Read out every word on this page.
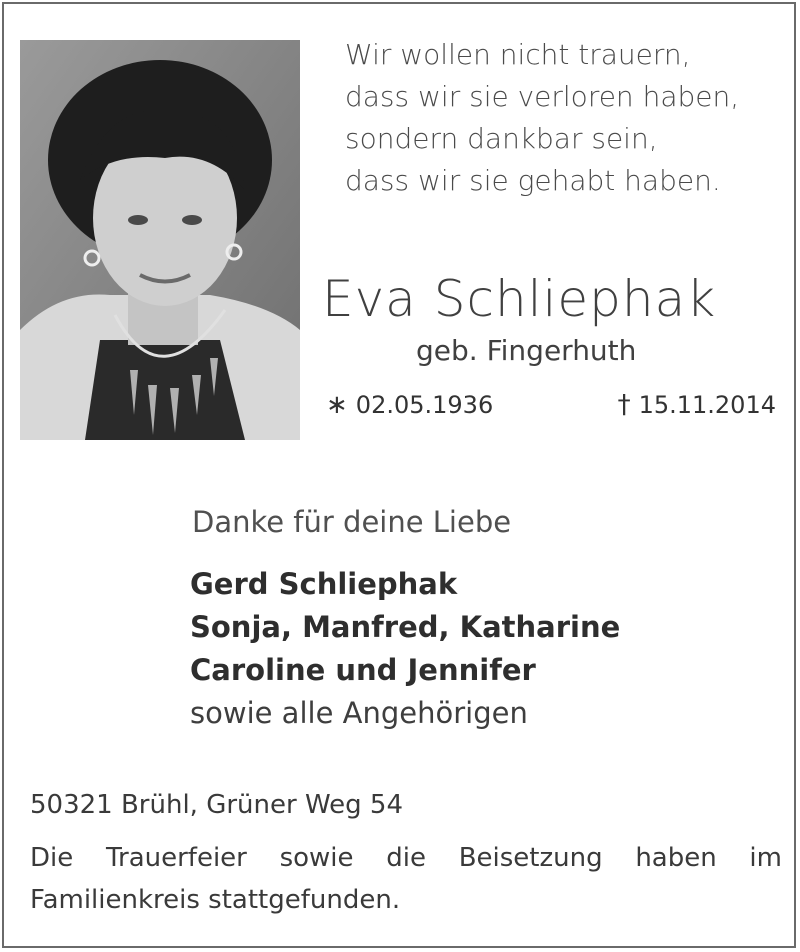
Wir wollen nicht trauern,
dass wir sie verloren haben,
sondern dankbar sein,
dass wir sie gehabt haben.
Eva Schliephak
geb. Fingerhuth
∗ 02.05.1936	† 15.11.2014
Danke für deine Liebe
Gerd Schliephak
Sonja, Manfred, Katharine
Caroline und Jennifer
sowie alle Angehörigen
50321 Brühl, Grüner Weg 54
Die Trauerfeier sowie die Beisetzung haben im Familienkreis stattgefunden.
